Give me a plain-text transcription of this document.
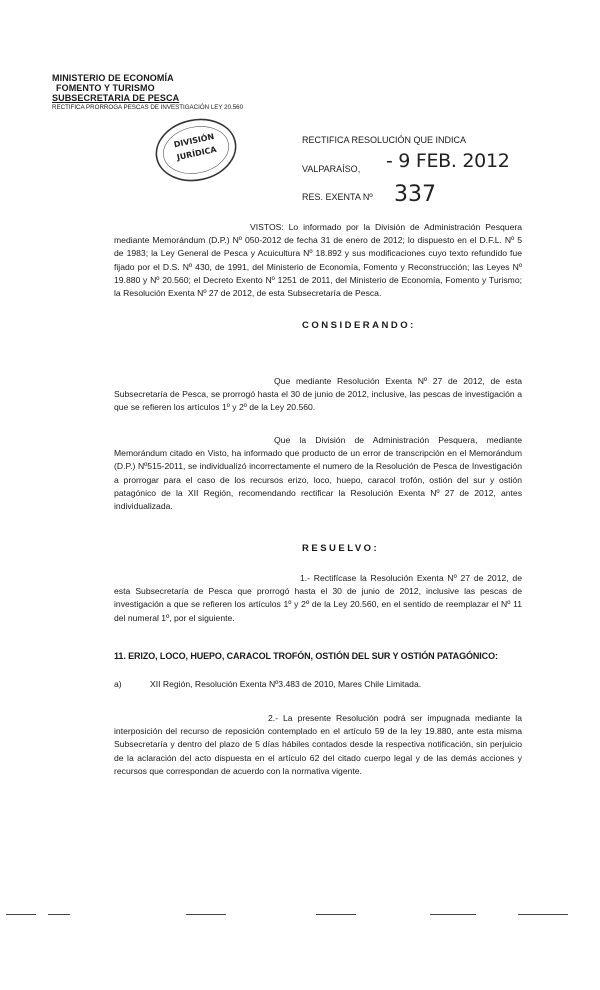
MINISTERIO DE ECONOMÍA
FOMENTO Y TURISMO
SUBSECRETARIA DE PESCA
RECTIFICA PRORROGA PESCAS DE INVESTIGACIÓN LEY 20.560
DIVISIÓN
JURÍDICA
RECTIFICA RESOLUCIÓN QUE INDICA
VALPARAÍSO, - 9 FEB. 2012
RES. EXENTA Nº 337
VISTOS: Lo informado por la División de Administración Pesquera mediante Memorándum (D.P.) Nº 050-2012 de fecha 31 de enero de 2012; lo dispuesto en el D.F.L. Nº 5 de 1983; la Ley General de Pesca y Acuicultura Nº 18.892 y sus modificaciones cuyo texto refundido fue fijado por el D.S. Nº 430, de 1991, del Ministerio de Economía, Fomento y Reconstrucción; las Leyes Nº 19.880 y Nº 20.560; el Decreto Exento Nº 1251 de 2011, del Ministerio de Economía, Fomento y Turismo; la Resolución Exenta Nº 27 de 2012, de esta Subsecretaría de Pesca.
CONSIDERANDO:
Que mediante Resolución Exenta Nº 27 de 2012, de esta Subsecretaría de Pesca, se prorrogó hasta el 30 de junio de 2012, inclusive, las pescas de investigación a que se refieren los artículos 1º y 2º de la Ley 20.560.
Que la División de Administración Pesquera, mediante Memorándum citado en Visto, ha informado que producto de un error de transcripción en el Memorándum (D.P.) Nº515-2011, se individualizó incorrectamente el numero de la Resolución de Pesca de Investigación a prorrogar para el caso de los recursos erizo, loco, huepo, caracol trofón, ostión del sur y ostión patagónico de la XII Región, recomendando rectificar la Resolución Exenta Nº 27 de 2012, antes individualizada.
RESUELVO:
1.- Rectifícase la Resolución Exenta Nº 27 de 2012, de esta Subsecretaría de Pesca que prorrogó hasta el 30 de junio de 2012, inclusive las pescas de investigación a que se refieren los artículos 1º y 2º de la Ley 20.560, en el sentido de reemplazar el Nº 11 del numeral 1º, por el siguiente.
11. ERIZO, LOCO, HUEPO, CARACOL TROFÓN, OSTIÓN DEL SUR Y OSTIÓN PATAGÓNICO:
a)	XII Región, Resolución Exenta Nº3.483 de 2010, Mares Chile Limitada.
2.- La presente Resolución podrá ser impugnada mediante la interposición del recurso de reposición contemplado en el artículo 59 de la ley 19.880, ante esta misma Subsecretaría y dentro del plazo de 5 días hábiles contados desde la respectiva notificación, sin perjuicio de la aclaración del acto dispuesta en el artículo 62 del citado cuerpo legal y de las demás acciones y recursos que correspondan de acuerdo con la normativa vigente.
